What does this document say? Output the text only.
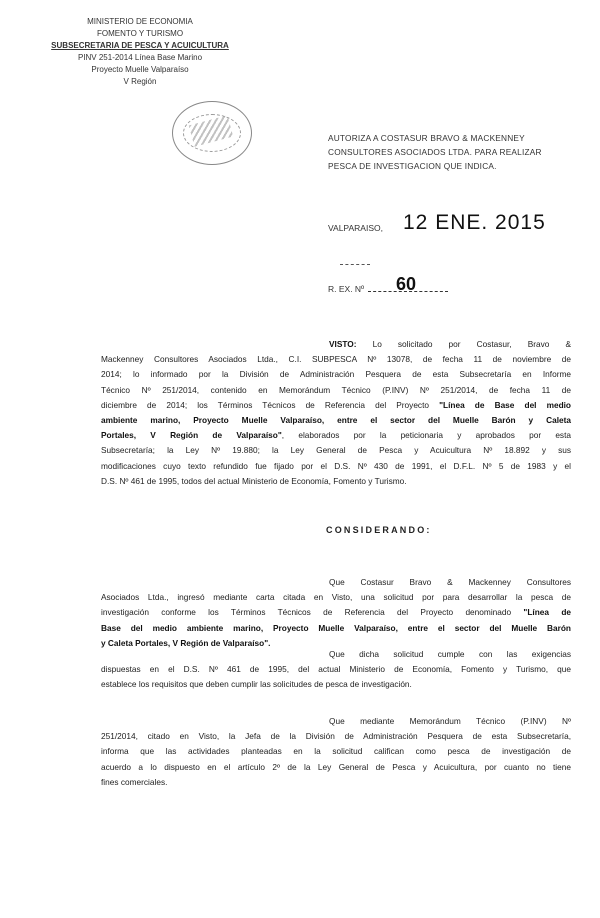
MINISTERIO DE ECONOMIA
FOMENTO Y TURISMO
SUBSECRETARIA DE PESCA Y ACUICULTURA
PINV 251-2014 Línea Base Marino
Proyecto Muelle Valparaíso
V Región
AUTORIZA A COSTASUR BRAVO & MACKENNEY
CONSULTORES ASOCIADOS LTDA. PARA REALIZAR
PESCA DE INVESTIGACION QUE INDICA.
VALPARAISO, 12 ENE. 2015
R. EX. Nº 60
VISTO: Lo solicitado por Costasur, Bravo &
Mackenney Consultores Asociados Ltda., C.I. SUBPESCA Nº 13078, de fecha 11 de noviembre de
2014; lo informado por la División de Administración Pesquera de esta Subsecretaría en Informe
Técnico Nº 251/2014, contenido en Memorándum Técnico (P.INV) Nº 251/2014, de fecha 11 de
diciembre de 2014; los Términos Técnicos de Referencia del Proyecto "Línea de Base del medio
ambiente marino, Proyecto Muelle Valparaíso, entre el sector del Muelle Barón y Caleta
Portales, V Región de Valparaíso", elaborados por la peticionaria y aprobados por esta
Subsecretaría; la Ley Nº 19.880; la Ley General de Pesca y Acuicultura Nº 18.892 y sus
modificaciones cuyo texto refundido fue fijado por el D.S. Nº 430 de 1991, el D.F.L. Nº 5 de 1983 y el
D.S. Nº 461 de 1995, todos del actual Ministerio de Economía, Fomento y Turismo.
CONSIDERANDO:
Que Costasur Bravo & Mackenney Consultores
Asociados Ltda., ingresó mediante carta citada en Visto, una solicitud por para desarrollar la pesca de
investigación conforme los Términos Técnicos de Referencia del Proyecto denominado "Línea de
Base del medio ambiente marino, Proyecto Muelle Valparaíso, entre el sector del Muelle Barón
y Caleta Portales, V Región de Valparaíso".
Que dicha solicitud cumple con las exigencias
dispuestas en el D.S. Nº 461 de 1995, del actual Ministerio de Economía, Fomento y Turismo, que
establece los requisitos que deben cumplir las solicitudes de pesca de investigación.
Que mediante Memorándum Técnico (P.INV) Nº
251/2014, citado en Visto, la Jefa de la División de Administración Pesquera de esta Subsecretaría,
informa que las actividades planteadas en la solicitud califican como pesca de investigación de
acuerdo a lo dispuesto en el artículo 2º de la Ley General de Pesca y Acuicultura, por cuanto no tiene
fines comerciales.
